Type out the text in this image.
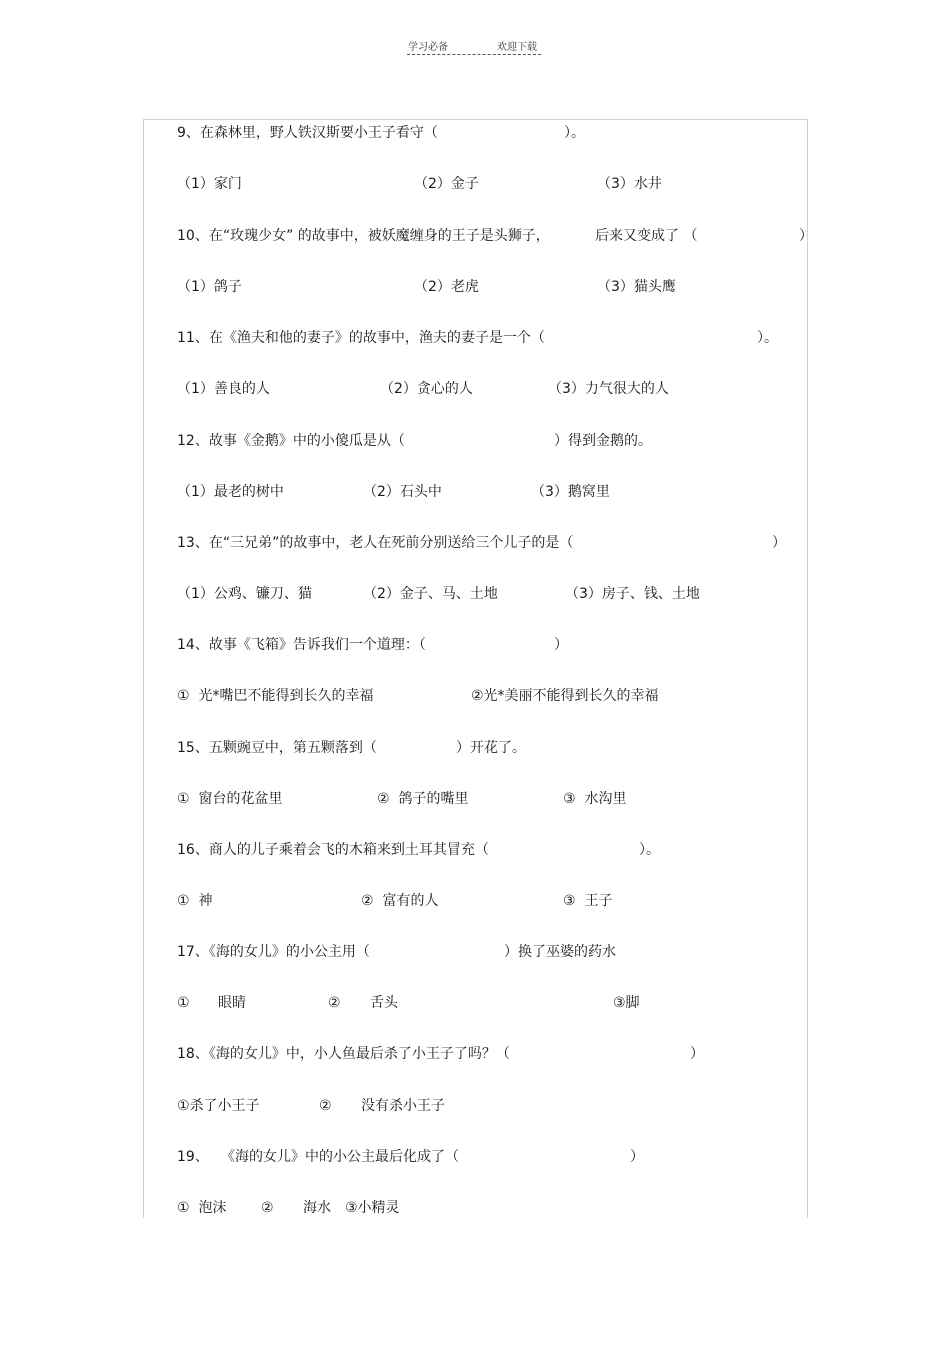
学习必备	欢迎下载

9、在森林里，野人铁汉斯要小王子看守（

	）。

（1）家门

	（2）金子

	（3）水井

10、在“玫瑰少女” 的故事中，被妖魔缠身的王子是头狮子，

	后来又变成了 （

	）

（1）鸽子

	（2）老虎

	（3）猫头鹰

11、在《渔夫和他的妻子》的故事中，渔夫的妻子是一个（

	）。

（1）善良的人

	（2）贪心的人

	（3）力气很大的人

12、故事《金鹅》中的小傻瓜是从（

	）得到金鹅的。

（1）最老的树中

	（2）石头中

	（3）鹅窝里

13、在“三兄弟”的故事中，老人在死前分别送给三个儿子的是（

	）

（1）公鸡、镰刀、猫

	（2）金子、马、土地

	（3）房子、钱、土地

14、故事《飞箱》告诉我们一个道理：（

	）

①  光*嘴巴不能得到长久的幸福

	②光*美丽不能得到长久的幸福

15、五颗豌豆中，第五颗落到（

	）开花了。

①  窗台的花盆里

	②  鸽子的嘴里

	③  水沟里

16、商人的儿子乘着会飞的木箱来到土耳其冒充（

	）。

①  神

	②  富有的人

	③  王子

17、《海的女儿》的小公主用（

	）换了巫婆的药水

①

眼睛

	②

舌头

	③脚

18、《海的女儿》中，小人鱼最后杀了小王子了吗？（

	）

①杀了小王子

	②

没有杀小王子

19、

《海的女儿》中的小公主最后化成了（

	）

①  泡沫

②

海水

③小精灵
